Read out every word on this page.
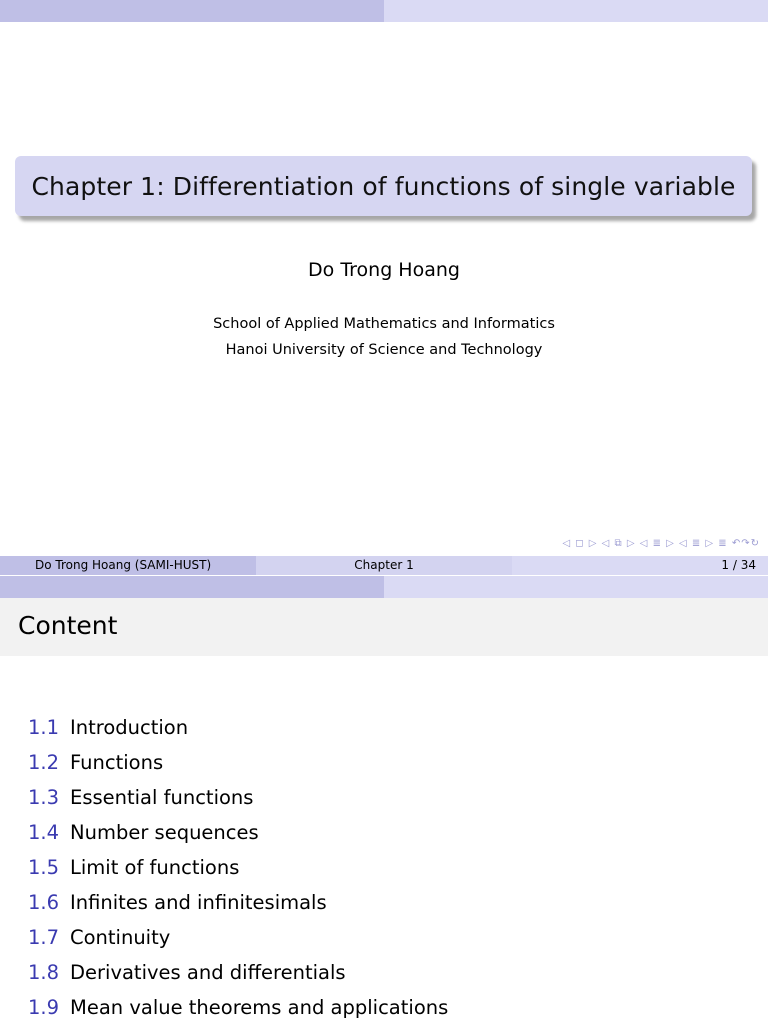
Chapter 1: Differentiation of functions of single variable
Do Trong Hoang
School of Applied Mathematics and Informatics
Hanoi University of Science and Technology
◁ ◻ ▷ ◁ ⧉ ▷ ◁ ≣ ▷ ◁ ≣ ▷ ≣ ↶↷↻
Do Trong Hoang (SAMI-HUST)	Chapter 1	1 / 34
Content
1.1 Introduction
1.2 Functions
1.3 Essential functions
1.4 Number sequences
1.5 Limit of functions
1.6 Infinites and infinitesimals
1.7 Continuity
1.8 Derivatives and differentials
1.9 Mean value theorems and applications
